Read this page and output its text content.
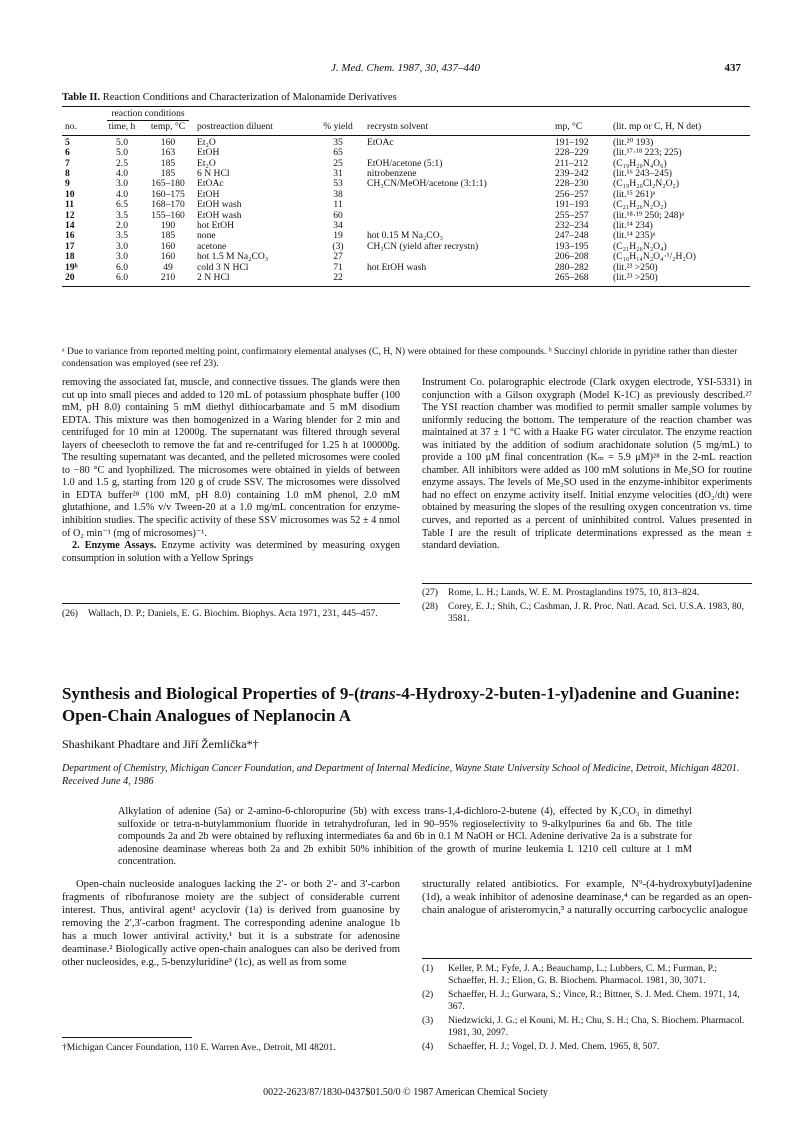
J. Med. Chem. 1987, 30, 437–440	437
Table II. Reaction Conditions and Characterization of Malonamide Derivatives
	reaction conditions						
no.	time, h	temp, °C	postreaction diluent	% yield	recrystn solvent	mp, °C	(lit. mp or C, H, N det)
5	5.0	160	Et₂O	35	EtOAc	191–192	(lit.²⁰ 193)
6	5.0	163	EtOH	65		228–229	(lit.¹⁷·¹⁸ 223; 225)
7	2.5	185	Et₂O	25	EtOH/acetone (5:1)	211–212	(C₁₉H₂₀N₄O₆)
8	4.0	185	6 N HCl	31	nitrobenzene	239–242	(lit.¹⁶ 243–245)
9	3.0	165–180	EtOAc	53	CH₃CN/MeOH/acetone (3:1:1)	228–230	(C₁₉H₂₀Cl₂N₂O₂)
10	4.0	160–175	EtOH	38		256–257	(lit.¹⁵ 261)ᵃ
11	6.5	168–170	EtOH wash	11		191–193	(C₂₁H₂₆N₂O₂)
12	3.5	155–160	EtOH wash	60		255–257	(lit.¹⁸·¹⁹ 250; 248)ᵃ
14	2.0	190	hot EtOH	34		232–234	(lit.¹⁴ 234)
16	3.5	185	none	19	hot 0.15 M Na₂CO₃	247–248	(lit.¹⁴ 235)ᵃ
17	3.0	160	acetone	(3)	CH₃CN (yield after recrystn)	193–195	(C₂₁H₂₆N₂O₄)
18	3.0	160	hot 1.5 M Na₂CO₃	27		206–208	(C₁₆H₁₄N₂O₄·¹/₂H₂O)
19ᵇ	6.0	49	cold 3 N HCl	71	hot EtOH wash	280–282	(lit.²³ >250)
20	6.0	210	2 N HCl	22		265–268	(lit.²³ >250)
ᵃ Due to variance from reported melting point, confirmatory elemental analyses (C, H, N) were obtained for these compounds. ᵇ Succinyl chloride in pyridine rather than diester condensation was employed (see ref 23).

removing the associated fat, muscle, and connective tissues. The glands were then cut up into small pieces and added to 120 mL of potassium phosphate buffer (100 mM, pH 8.0) containing 5 mM diethyl dithiocarbamate and 5 mM disodium EDTA. This mixture was then homogenized in a Waring blender for 2 min and centrifuged for 10 min at 12000g. The supernatant was filtered through several layers of cheesecloth to remove the fat and re-centrifuged for 1.25 h at 100000g. The resulting supernatant was decanted, and the pelleted microsomes were cooled to −80 °C and lyophilized. The microsomes were obtained in yields of between 1.0 and 1.5 g, starting from 120 g of crude SSV. The microsomes were dissolved in EDTA buffer²⁸ (100 mM, pH 8.0) containing 1.0 mM phenol, 2.0 mM glutathione, and 1.5% v/v Tween-20 at a 1.0 mg/mL concentration for enzyme-inhibition studies. The specific activity of these SSV microsomes was 52 ± 4 nmol of O₂ min⁻¹ (mg of microsomes)⁻¹.

2. Enzyme Assays. Enzyme activity was determined by measuring oxygen consumption in solution with a Yellow Springs

Instrument Co. polarographic electrode (Clark oxygen electrode, YSI-5331) in conjunction with a Gilson oxygraph (Model K-1C) as previously described.²⁷ The YSI reaction chamber was modified to permit smaller sample volumes by uniformly reducing the bottom. The temperature of the reaction chamber was maintained at 37 ± 1 °C with a Haake FG water circulator. The enzyme reaction was initiated by the addition of sodium arachidonate solution (5 mg/mL) to provide a 100 μM final concentration (Kₘ = 5.9 μM)²⁸ in the 2-mL reaction chamber. All inhibitors were added as 100 mM solutions in Me₂SO for routine enzyme assays. The levels of Me₂SO used in the enzyme-inhibitor experiments had no effect on enzyme activity itself. Initial enzyme velocities (dO₂/dt) were obtained by measuring the slopes of the resulting oxygen concentration vs. time curves, and reported as a percent of uninhibited control. Values presented in Table I are the result of triplicate determinations expressed as the mean ± standard deviation.

(26) Wallach, D. P.; Daniels, E. G. Biochim. Biophys. Acta 1971, 231, 445–457.
(27) Rome, L. H.; Lands, W. E. M. Prostaglandins 1975, 10, 813–824.
(28) Corey, E. J.; Shih, C.; Cashman, J. R. Proc. Natl. Acad. Sci. U.S.A. 1983, 80, 3581.
Synthesis and Biological Properties of 9-(trans-4-Hydroxy-2-buten-1-yl)adenine and Guanine: Open-Chain Analogues of Neplanocin A
Shashikant Phadtare and Jiří Žemlička*†
Department of Chemistry, Michigan Cancer Foundation, and Department of Internal Medicine, Wayne State University School of Medicine, Detroit, Michigan 48201. Received June 4, 1986
Alkylation of adenine (5a) or 2-amino-6-chloropurine (5b) with excess trans-1,4-dichloro-2-butene (4), effected by K₂CO₃ in dimethyl sulfoxide or tetra-n-butylammonium fluoride in tetrahydrofuran, led in 90–95% regioselectivity to 9-alkylpurines 6a and 6b. The title compounds 2a and 2b were obtained by refluxing intermediates 6a and 6b in 0.1 M NaOH or HCl. Adenine derivative 2a is a substrate for adenosine deaminase whereas both 2a and 2b exhibit 50% inhibition of the growth of murine leukemia L 1210 cell culture at 1 mM concentration.

Open-chain nucleoside analogues lacking the 2′- or both 2′- and 3′-carbon fragments of ribofuranose moiety are the subject of considerable current interest. Thus, antiviral agent¹ acyclovir (1a) is derived from guanosine by removing the 2′,3′-carbon fragment. The corresponding adenine analogue 1b has a much lower antiviral activity,¹ but it is a substrate for adenosine deaminase.² Biologically active open-chain analogues can also be derived from other nucleosides, e.g., 5-benzyluridine³ (1c), as well as from some

structurally related antibiotics. For example, N⁹-(4-hydroxybutyl)adenine (1d), a weak inhibitor of adenosine deaminase,⁴ can be regarded as an open-chain analogue of aristeromycin,⁵ a naturally occurring carbocyclic analogue

†Michigan Cancer Foundation, 110 E. Warren Ave., Detroit, MI 48201.
(1) Keller, P. M.; Fyfe, J. A.; Beauchamp, L.; Lubbers, C. M.; Furman, P.; Schaeffer, H. J.; Elion, G. B. Biochem. Pharmacol. 1981, 30, 3071.
(2) Schaeffer, H. J.; Gurwara, S.; Vince, R.; Bittner, S. J. Med. Chem. 1971, 14, 367.
(3) Niedzwicki, J. G.; el Kouni, M. H.; Chu, S. H.; Cha, S. Biochem. Pharmacol. 1981, 30, 2097.
(4) Schaeffer, H. J.; Vogel, D. J. Med. Chem. 1965, 8, 507.
0022-2623/87/1830-0437$01.50/0 © 1987 American Chemical Society
